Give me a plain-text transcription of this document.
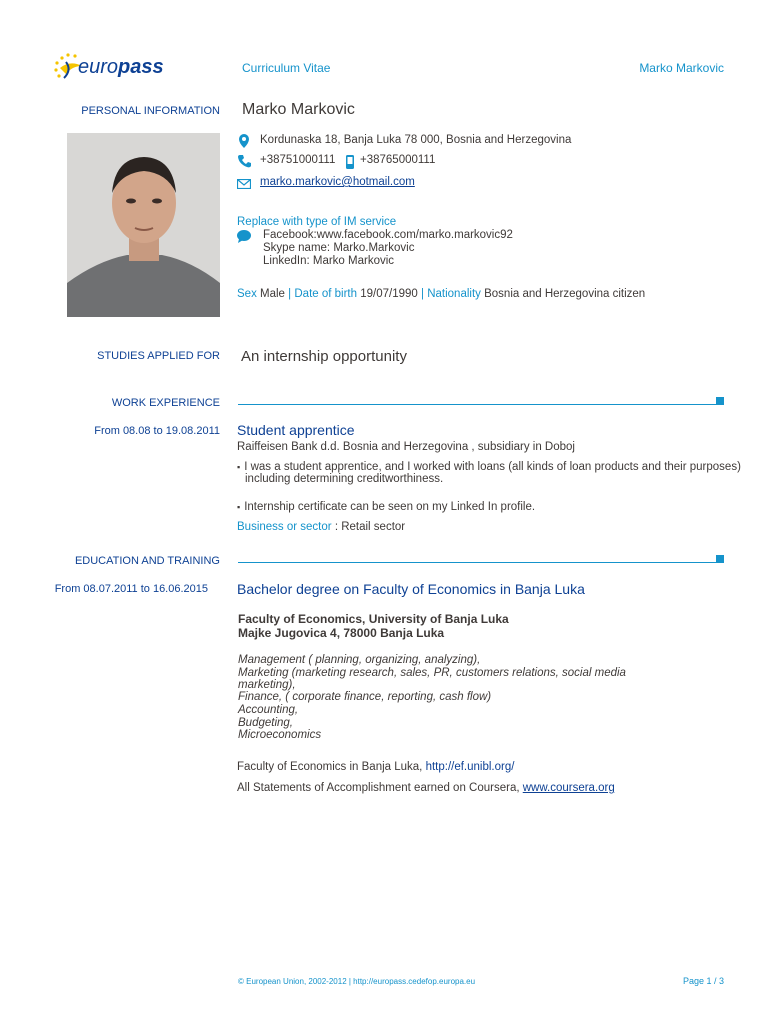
europass	Curriculum Vitae	Marko Markovic
PERSONAL INFORMATION Marko Markovic
Kordunaska 18, Banja Luka 78 000, Bosnia and Herzegovina
+38751000111 +38765000111
marko.markovic@hotmail.com
Replace with type of IM service
Facebook:www.facebook.com/marko.markovic92
Skype name: Marko.Markovic
LinkedIn: Marko Markovic
Sex Male | Date of birth 19/07/1990 | Nationality Bosnia and Herzegovina citizen
STUDIES APPLIED FOR An internship opportunity
WORK EXPERIENCE
From 08.08 to 19.08.2011 Student apprentice
Raiffeisen Bank d.d. Bosnia and Herzegovina , subsidiary in Doboj
▪ I was a student apprentice, and I worked with loans (all kinds of loan products and their purposes)
including determining creditworthiness.
▪ Internship certificate can be seen on my Linked In profile.
Business or sector : Retail sector
EDUCATION AND TRAINING
From 08.07.2011 to 16.06.2015 Bachelor degree on Faculty of Economics in Banja Luka
Faculty of Economics, University of Banja Luka
Majke Jugovica 4, 78000 Banja Luka
Management ( planning, organizing, analyzing),
Marketing (marketing research, sales, PR, customers relations, social media
marketing),
Finance, ( corporate finance, reporting, cash flow)
Accounting,
Budgeting,
Microeconomics
Faculty of Economics in Banja Luka, http://ef.unibl.org/
All Statements of Accomplishment earned on Coursera, www.coursera.org
© European Union, 2002-2012 | http://europass.cedefop.europa.eu	Page 1 / 3
